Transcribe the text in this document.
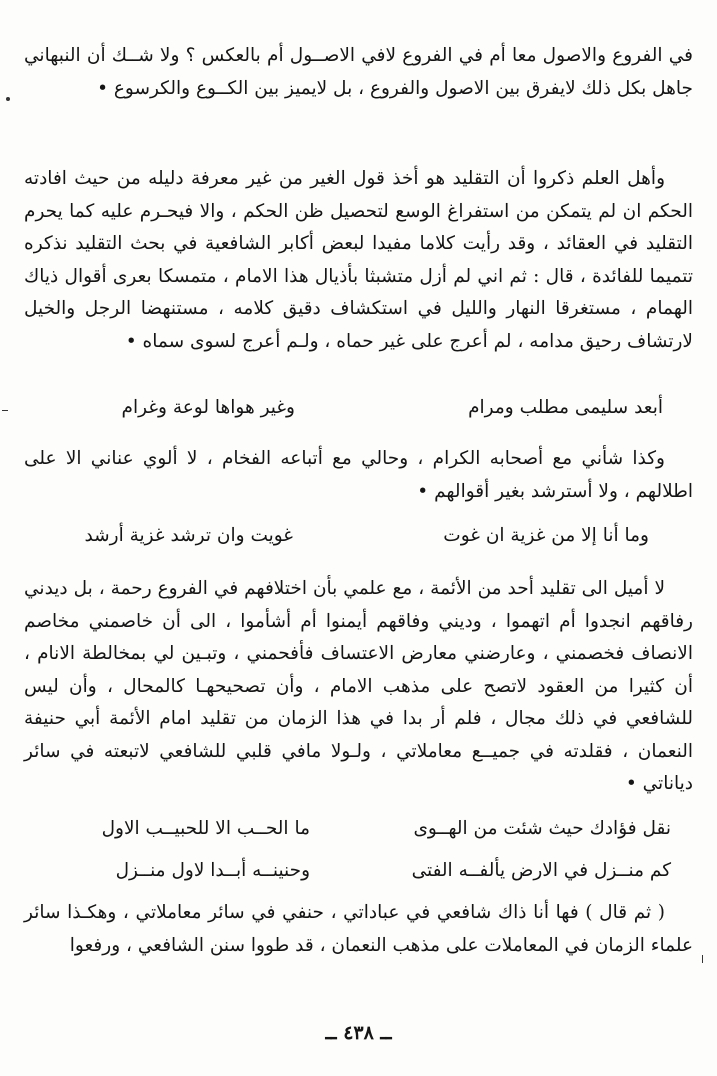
في الفروع والاصول معا أم في الفروع لافي الاصــول أم بالعكس ؟ ولا شــك أن النبهاني جاهل بكل ذلك لايفرق بين الاصول والفروع ، بل لايميز بين الكــوع والكرسوع •
وأهل العلم ذكروا أن التقليد هو أخذ قول الغير من غير معرفة دليله من حيث افادته الحكم ان لم يتمكن من استفراغ الوسع لتحصيل ظن الحكم ، والا فيحـرم عليه كما يحرم التقليد في العقائد ، وقد رأيت كلاما مفيدا لبعض أكابر الشافعية في بحث التقليد نذكره تتميما للفائدة ، قال : ثم اني لم أزل متشبثا بأذيال هذا الامام ، متمسكا بعرى أقوال ذياك الهمام ، مستغرقا النهار والليل في استكشاف دقيق كلامه ، مستنهضا الرجل والخيل لارتشاف رحيق مدامه ، لم أعرج على غير حماه ، ولـم أعرج لسوى سماه •
أبعد سليمى مطلب ومرام
وغير هواها لوعة وغرام
وكذا شأني مع أصحابه الكرام ، وحالي مع أتباعه الفخام ، لا ألوي عناني الا على اطلالهم ، ولا أسترشد بغير أقوالهم •
وما أنا إلا من غزية ان غوت
غويت وان ترشد غزية أرشد
لا أميل الى تقليد أحد من الأئمة ، مع علمي بأن اختلافهم في الفروع رحمة ، بل ديدني رفاقهم انجدوا أم اتهموا ، وديني وفاقهم أيمنوا أم أشأموا ، الى أن خاصمني مخاصم الانصاف فخصمني ، وعارضني معارض الاعتساف فأفحمني ، وتبـين لي بمخالطة الانام ، أن كثيرا من العقود لاتصح على مذهب الامام ، وأن تصحيحهـا كالمحال ، وأن ليس للشافعي في ذلك مجال ، فلم أر بدا في هذا الزمان من تقليد امام الأئمة أبي حنيفة النعمان ، فقلدته في جميــع معاملاتي ، ولـولا مافي قلبي للشافعي لاتبعته في سائر دياناتي •
نقل فؤادك حيث شئت من الهــوى
ما الحــب الا للحبيــب الاول
كم منــزل في الارض يألفــه الفتى
وحنينــه أبــدا لاول منــزل
( ثم قال ) فها أنا ذاك شافعي في عباداتي ، حنفي في سائر معاملاتي ، وهكـذا سائر علماء الزمان في المعاملات على مذهب النعمان ، قد طووا سنن الشافعي ، ورفعوا
ــ ٤٣٨ ــ
